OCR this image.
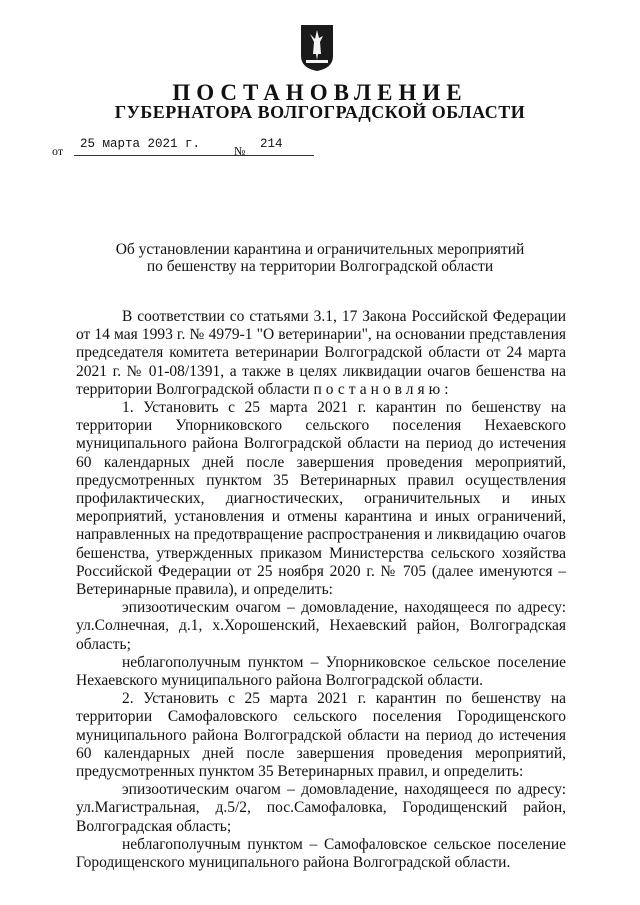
ПОСТАНОВЛЕНИЕ
ГУБЕРНАТОРА ВОЛГОГРАДСКОЙ ОБЛАСТИ
от 25 марта 2021 г.	№ 214
Об установлении карантина и ограничительных мероприятий
по бешенству на территории Волгоградской области

В соответствии со статьями 3.1, 17 Закона Российской Федерации от 14 мая 1993 г. № 4979-1 "О ветеринарии", на основании представления председателя комитета ветеринарии Волгоградской области от 24 марта 2021 г. № 01-08/1391, а также в целях ликвидации очагов бешенства на территории Волгоградской области постановляю:

1. Установить с 25 марта 2021 г. карантин по бешенству на территории Упорниковского сельского поселения Нехаевского муниципального района Волгоградской области на период до истечения 60 календарных дней после завершения проведения мероприятий, предусмотренных пунктом 35 Ветеринарных правил осуществления профилактических, диагностических, ограничительных и иных мероприятий, установления и отмены карантина и иных ограничений, направленных на предотвращение распространения и ликвидацию очагов бешенства, утвержденных приказом Министерства сельского хозяйства Российской Федерации от 25 ноября 2020 г. № 705 (далее именуются – Ветеринарные правила), и определить:

эпизоотическим очагом – домовладение, находящееся по адресу: ул.Солнечная, д.1, х.Хорошенский, Нехаевский район, Волгоградская область;

неблагополучным пунктом – Упорниковское сельское поселение Нехаевского муниципального района Волгоградской области.

2. Установить с 25 марта 2021 г. карантин по бешенству на территории Самофаловского сельского поселения Городищенского муниципального района Волгоградской области на период до истечения 60 календарных дней после завершения проведения мероприятий, предусмотренных пунктом 35 Ветеринарных правил, и определить:

эпизоотическим очагом – домовладение, находящееся по адресу: ул.Магистральная, д.5/2, пос.Самофаловка, Городищенский район, Волгоградская область;

неблагополучным пунктом – Самофаловское сельское поселение Городищенского муниципального района Волгоградской области.
